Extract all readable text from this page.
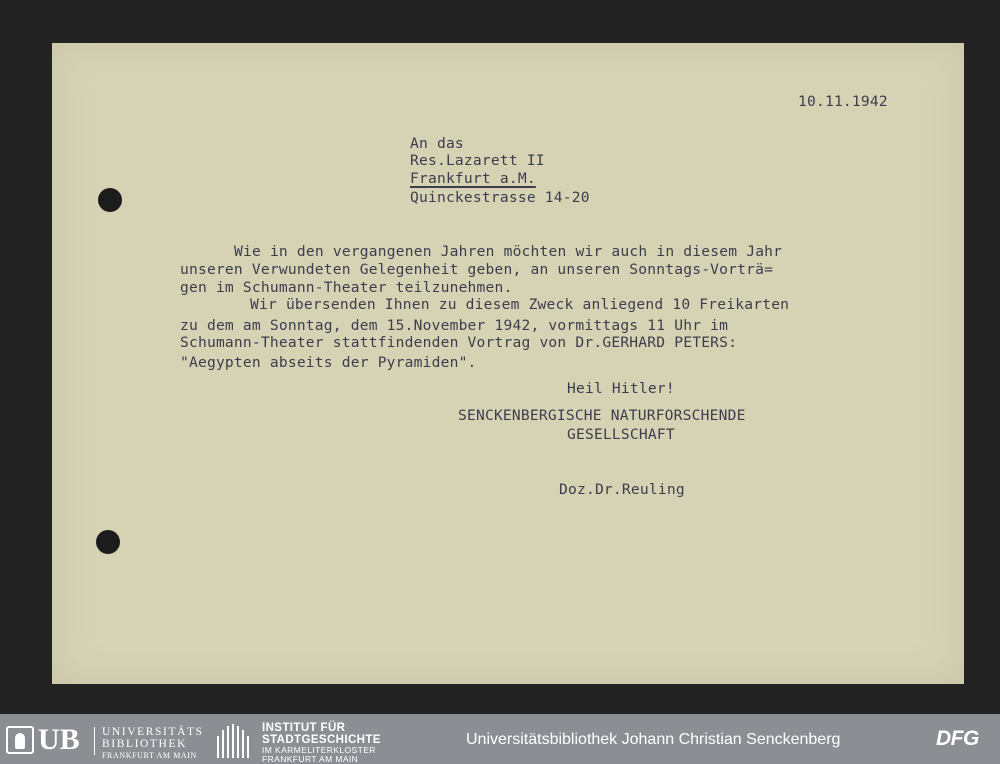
10.11.1942
An das
Res.Lazarett II
Frankfurt a.M.
Quinckestrasse 14-20
Wie in den vergangenen Jahren möchten wir auch in diesem Jahr
unseren Verwundeten Gelegenheit geben, an unseren Sonntags-Vorträ=
gen im Schumann-Theater teilzunehmen.
Wir übersenden Ihnen zu diesem Zweck anliegend 10 Freikarten
zu dem am Sonntag, dem 15.November 1942, vormittags 11 Uhr im
Schumann-Theater stattfindenden Vortrag von Dr.GERHARD PETERS:
"Aegypten abseits der Pyramiden".
Heil Hitler!
SENCKENBERGISCHE NATURFORSCHENDE
GESELLSCHAFT
Doz.Dr.Reuling
UB UNIVERSITÄTS
BIBLIOTHEK
FRANKFURT AM MAIN
INSTITUT FÜR
STADTGESCHICHTE
IM KARMELITERKLOSTER
FRANKFURT AM MAIN
Universitätsbibliothek Johann Christian Senckenberg	DFG
